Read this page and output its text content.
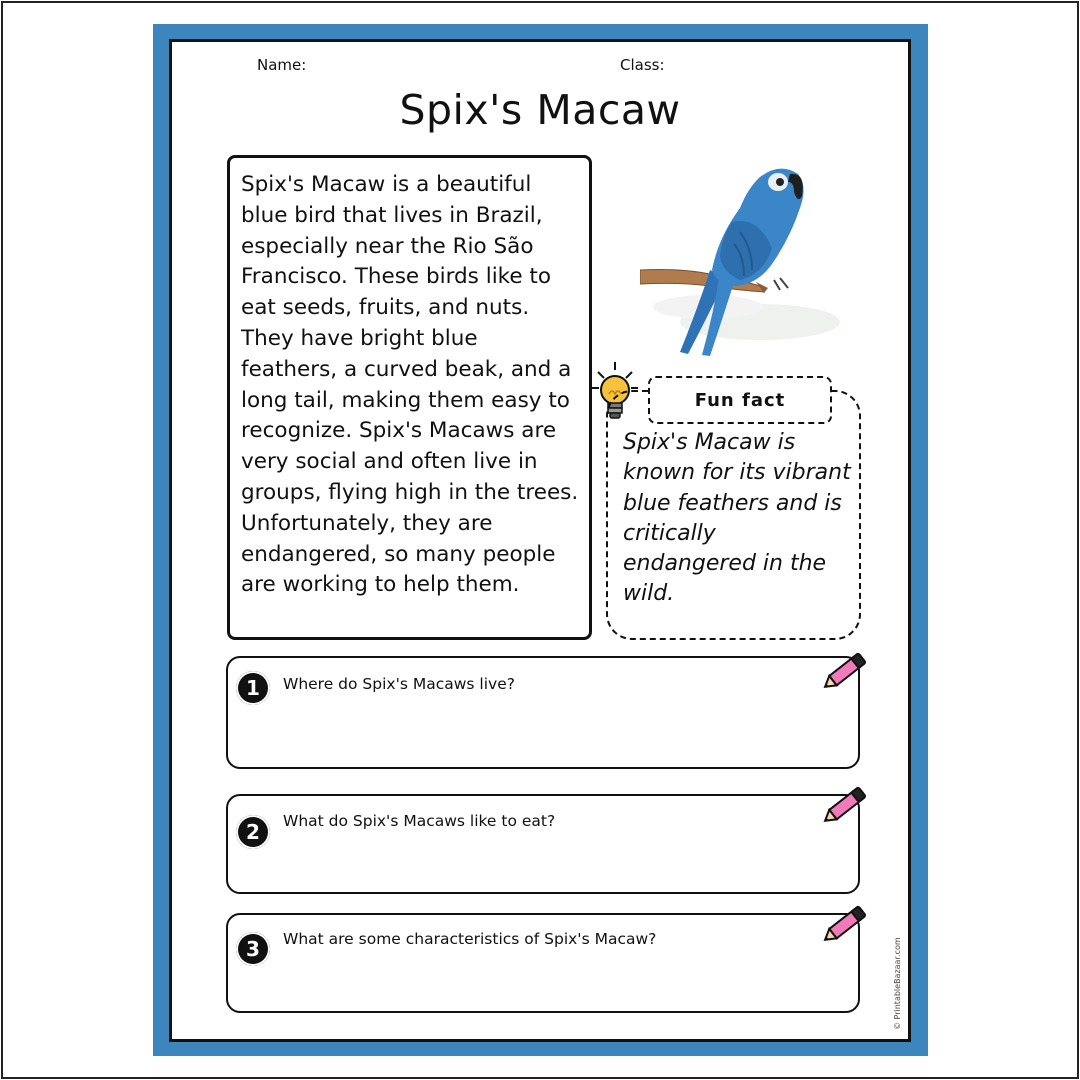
Name:	Class:
Spix's Macaw

Spix's Macaw is a beautiful blue bird that lives in Brazil, especially near the Rio São Francisco. These birds like to eat seeds, fruits, and nuts. They have bright blue feathers, a curved beak, and a long tail, making them easy to recognize. Spix's Macaws are very social and often live in groups, flying high in the trees. Unfortunately, they are endangered, so many people are working to help them.

Spix's Macaw is known for its vibrant blue feathers and is critically endangered in the wild.

Fun fact
1
2
3
Where do Spix's Macaws live?
What do Spix's Macaws like to eat?
What are some characteristics of Spix's Macaw?	© PrintableBazaar.com
